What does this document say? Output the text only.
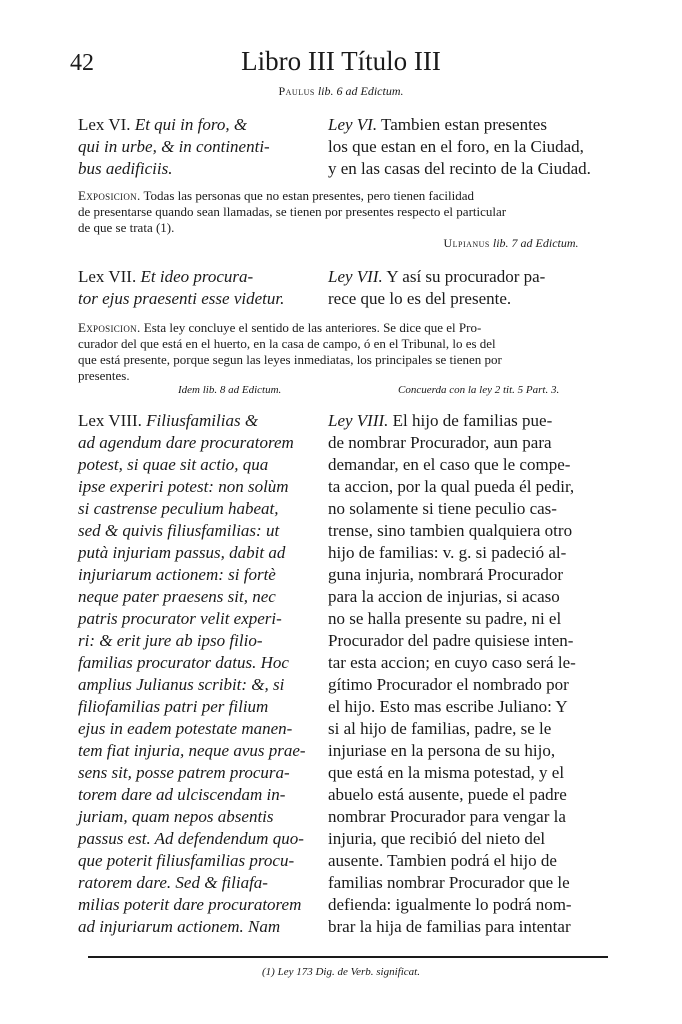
42	Libro III Título III
Paulus lib. 6 ad Edictum.
Lex VI. Et qui in foro, &
qui in urbe, & in continenti-
bus aedificiis.
Ley VI. Tambien estan presentes
los que estan en el foro, en la Ciudad,
y en las casas del recinto de la Ciudad.
Exposicion. Todas las personas que no estan presentes, pero tienen facilidad
de presentarse quando sean llamadas, se tienen por presentes respecto el particular
de que se trata (1).
Ulpianus lib. 7 ad Edictum.
Lex VII. Et ideo procura-
tor ejus praesenti esse videtur.
Ley VII. Y así su procurador pa-
rece que lo es del presente.
Exposicion. Esta ley concluye el sentido de las anteriores. Se dice que el Pro-
curador del que está en el huerto, en la casa de campo, ó en el Tribunal, lo es del
que está presente, porque segun las leyes inmediatas, los principales se tienen por
presentes.
Idem lib. 8 ad Edictum.	Concuerda con la ley 2 tit. 5 Part. 3.
Lex VIII. Filiusfamilias &
ad agendum dare procuratorem
potest, si quae sit actio, qua
ipse experiri potest: non solùm
si castrense peculium habeat,
sed & quivis filiusfamilias: ut
putà injuriam passus, dabit ad
injuriarum actionem: si fortè
neque pater praesens sit, nec
patris procurator velit experi-
ri: & erit jure ab ipso filio-
familias procurator datus. Hoc
amplius Julianus scribit: &, si
filiofamilias patri per filium
ejus in eadem potestate manen-
tem fiat injuria, neque avus prae-
sens sit, posse patrem procura-
torem dare ad ulciscendam in-
juriam, quam nepos absentis
passus est. Ad defendendum quo-
que poterit filiusfamilias procu-
ratorem dare. Sed & filiafa-
milias poterit dare procuratorem
ad injuriarum actionem. Nam
Ley VIII. El hijo de familias pue-
de nombrar Procurador, aun para
demandar, en el caso que le compe-
ta accion, por la qual pueda él pedir,
no solamente si tiene peculio cas-
trense, sino tambien qualquiera otro
hijo de familias: v. g. si padeció al-
guna injuria, nombrará Procurador
para la accion de injurias, si acaso
no se halla presente su padre, ni el
Procurador del padre quisiese inten-
tar esta accion; en cuyo caso será le-
gítimo Procurador el nombrado por
el hijo. Esto mas escribe Juliano: Y
si al hijo de familias, padre, se le
injuriase en la persona de su hijo,
que está en la misma potestad, y el
abuelo está ausente, puede el padre
nombrar Procurador para vengar la
injuria, que recibió del nieto del
ausente. Tambien podrá el hijo de
familias nombrar Procurador que le
defienda: igualmente lo podrá nom-
brar la hija de familias para intentar
(1) Ley 173 Dig. de Verb. significat.
